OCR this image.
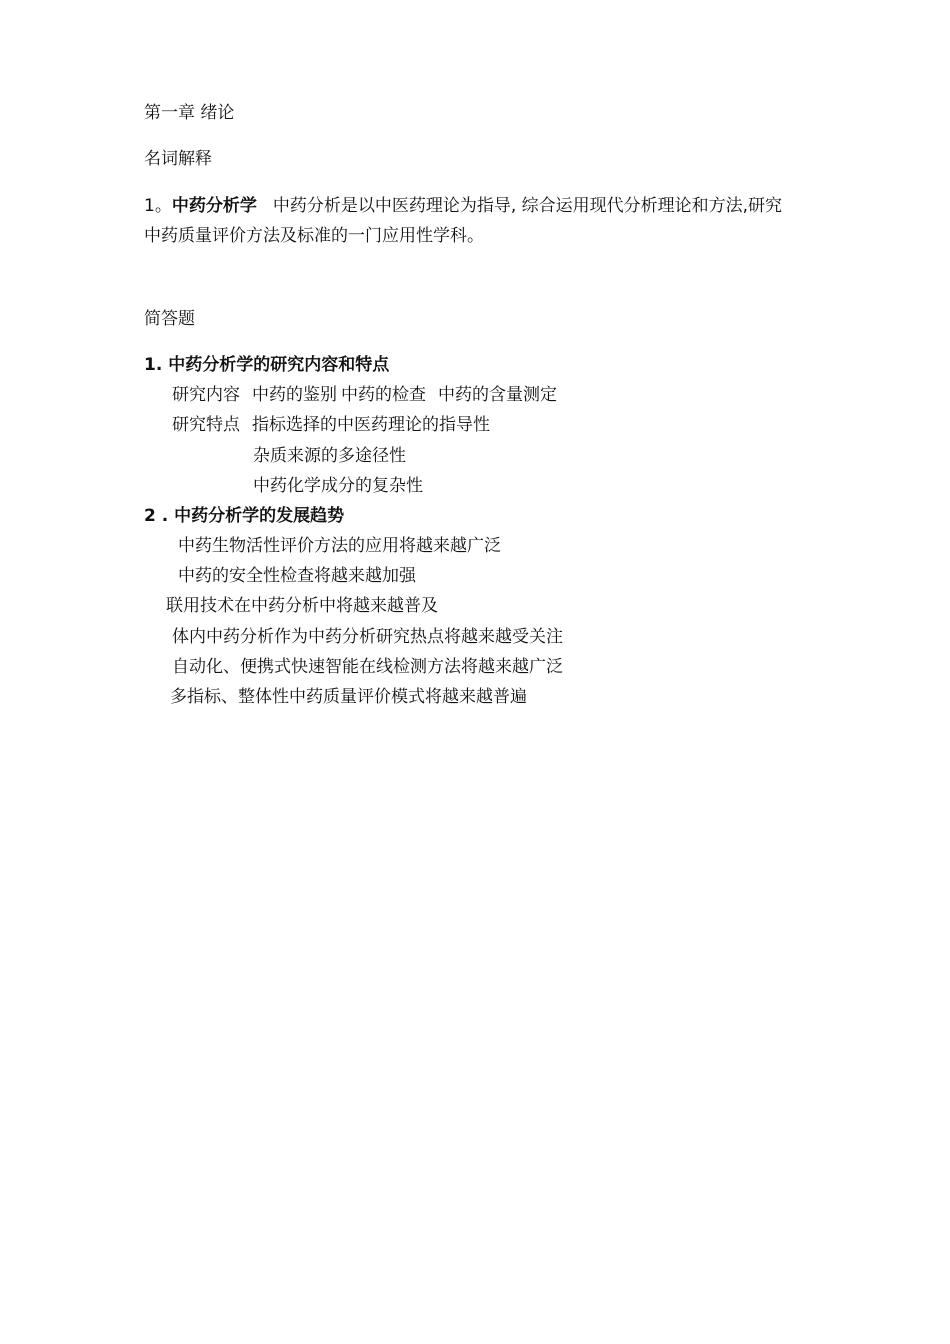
第一章 绪论
名词解释
1。中药分析学 中药分析是以中医药理论为指导, 综合运用现代分析理论和方法,研究
中药质量评价方法及标准的一门应用性学科。
简答题
1. 中药分析学的研究内容和特点
研究内容 中药的鉴别 中药的检查 中药的含量测定
研究特点 指标选择的中医药理论的指导性
杂质来源的多途径性
中药化学成分的复杂性
2 . 中药分析学的发展趋势
中药生物活性评价方法的应用将越来越广泛
中药的安全性检查将越来越加强
联用技术在中药分析中将越来越普及
体内中药分析作为中药分析研究热点将越来越受关注
自动化、便携式快速智能在线检测方法将越来越广泛
多指标、整体性中药质量评价模式将越来越普遍
